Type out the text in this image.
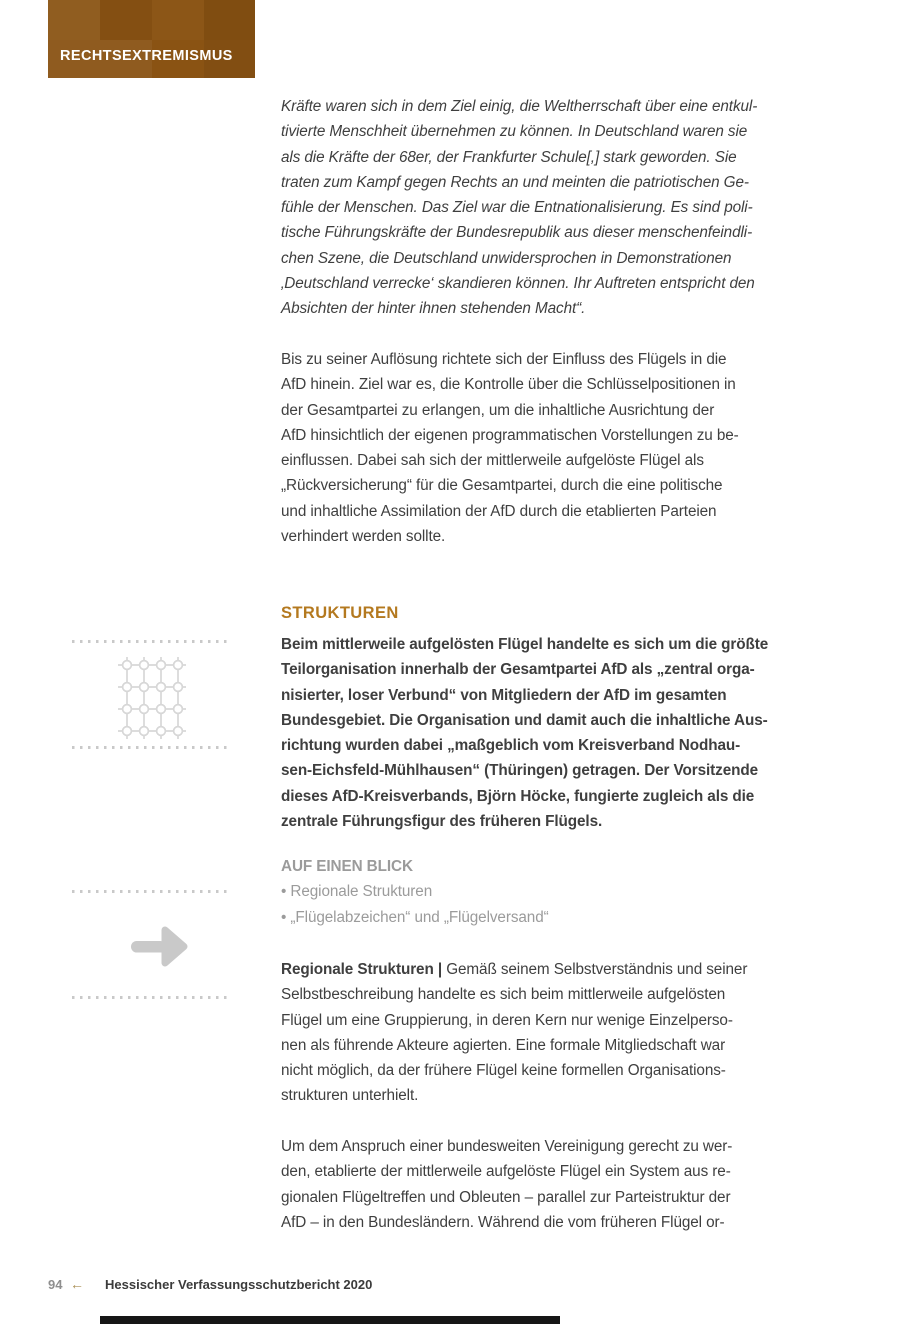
RECHTSEXTREMISMUS
Kräfte waren sich in dem Ziel einig, die Weltherrschaft über eine entkul-
tivierte Menschheit übernehmen zu können. In Deutschland waren sie
als die Kräfte der 68er, der Frankfurter Schule[,] stark geworden. Sie
traten zum Kampf gegen Rechts an und meinten die patriotischen Ge-
fühle der Menschen. Das Ziel war die Entnationalisierung. Es sind poli-
tische Führungskräfte der Bundesrepublik aus dieser menschenfeindli-
chen Szene, die Deutschland unwidersprochen in Demonstrationen
‚Deutschland verrecke‘ skandieren können. Ihr Auftreten entspricht den
Absichten der hinter ihnen stehenden Macht“.
Bis zu seiner Auflösung richtete sich der Einfluss des Flügels in die
AfD hinein. Ziel war es, die Kontrolle über die Schlüsselpositionen in
der Gesamtpartei zu erlangen, um die inhaltliche Ausrichtung der
AfD hinsichtlich der eigenen programmatischen Vorstellungen zu be-
einflussen. Dabei sah sich der mittlerweile aufgelöste Flügel als
„Rückversicherung“ für die Gesamtpartei, durch die eine politische
und inhaltliche Assimilation der AfD durch die etablierten Parteien
verhindert werden sollte.
STRUKTUREN
Beim mittlerweile aufgelösten Flügel handelte es sich um die größte
Teilorganisation innerhalb der Gesamtpartei AfD als „zentral orga-
nisierter, loser Verbund“ von Mitgliedern der AfD im gesamten
Bundesgebiet. Die Organisation und damit auch die inhaltliche Aus-
richtung wurden dabei „maßgeblich vom Kreisverband Nodhau-
sen-Eichsfeld-Mühlhausen“ (Thüringen) getragen. Der Vorsitzende
dieses AfD-Kreisverbands, Björn Höcke, fungierte zugleich als die
zentrale Führungsfigur des früheren Flügels.
AUF EINEN BLICK
• Regionale Strukturen
• „Flügelabzeichen“ und „Flügelversand“
Regionale Strukturen | Gemäß seinem Selbstverständnis und seiner
Selbstbeschreibung handelte es sich beim mittlerweile aufgelösten
Flügel um eine Gruppierung, in deren Kern nur wenige Einzelperso-
nen als führende Akteure agierten. Eine formale Mitgliedschaft war
nicht möglich, da der frühere Flügel keine formellen Organisations-
strukturen unterhielt.
Um dem Anspruch einer bundesweiten Vereinigung gerecht zu wer-
den, etablierte der mittlerweile aufgelöste Flügel ein System aus re-
gionalen Flügeltreffen und Obleuten – parallel zur Parteistruktur der
AfD – in den Bundesländern. Während die vom früheren Flügel or-
94 ← Hessischer Verfassungsschutzbericht 2020
